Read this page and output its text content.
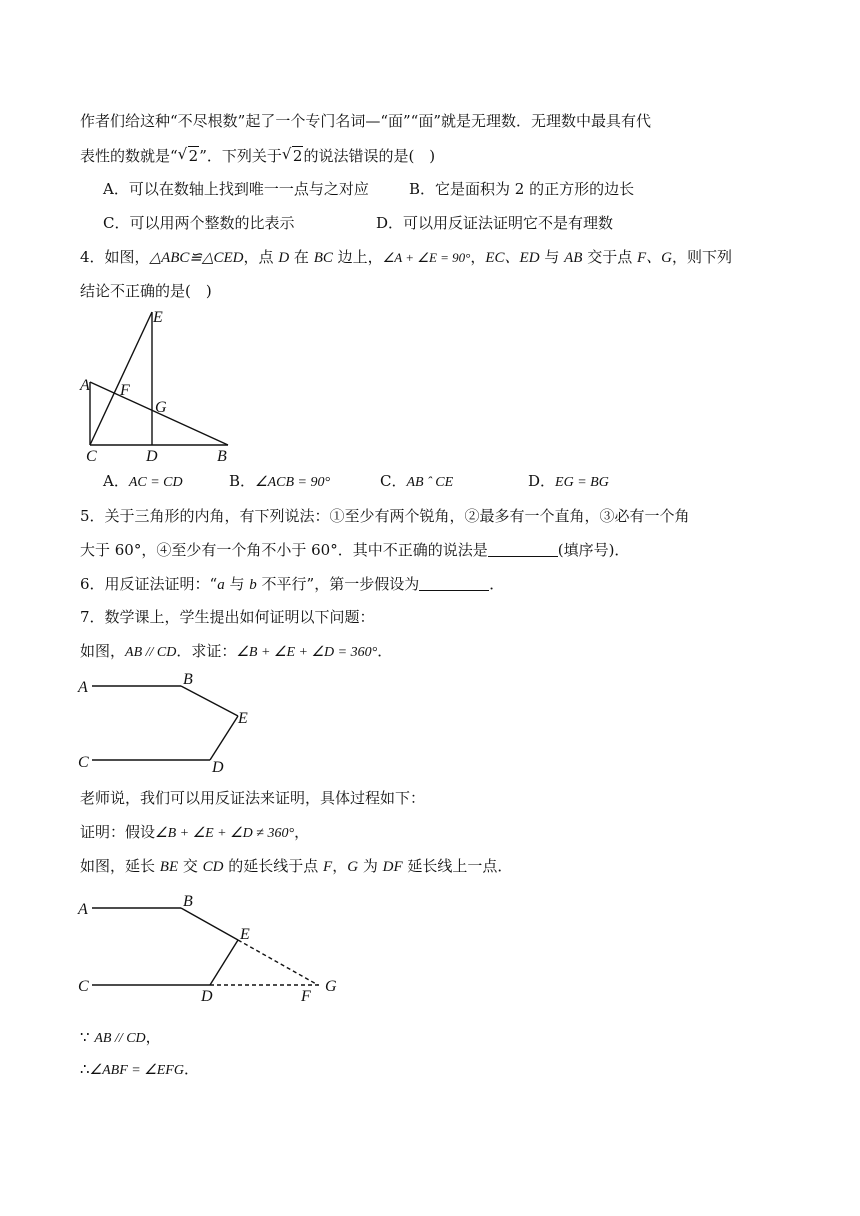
作者们给这种“不尽根数”起了一个专门名词—“面”“面”就是无理数．无理数中最具有代
表性的数就是“ √ 2”．下列关于 √ 2的说法错误的是(　)
A．可以在数轴上找到唯一一点与之对应	B．它是面积为 2 的正方形的边长
C．可以用两个整数的比表示	D．可以用反证法证明它不是有理数
4．如图，△ABC≌△CED，点 D 在 BC 边上，∠A + ∠E = 90°，EC、ED 与 AB 交于点 F、G，则下列
结论不正确的是(　)
E
A F
G
C	D	B
A．AC = CD	B．∠ACB = 90°	C．AB ˆ CE	D．EG = BG
5．关于三角形的内角，有下列说法：①至少有两个锐角，②最多有一个直角，③必有一个角
大于 60°，④至少有一个角不小于 60°．其中不正确的说法是	(填序号)．
6．用反证法证明：“a 与 b 不平行”，第一步假设为	．
7．数学课上，学生提出如何证明以下问题：
如图，AB // CD．求证：∠B + ∠E + ∠D = 360°．
A	B
E
C	D
老师说，我们可以用反证法来证明，具体过程如下：
证明：假设∠B + ∠E + ∠D ≠ 360°，
如图，延长 BE 交 CD 的延长线于点 F，G 为 DF 延长线上一点．
A	B
E
C
D	F
G
∵ AB // CD，
∴∠ABF = ∠EFG．
